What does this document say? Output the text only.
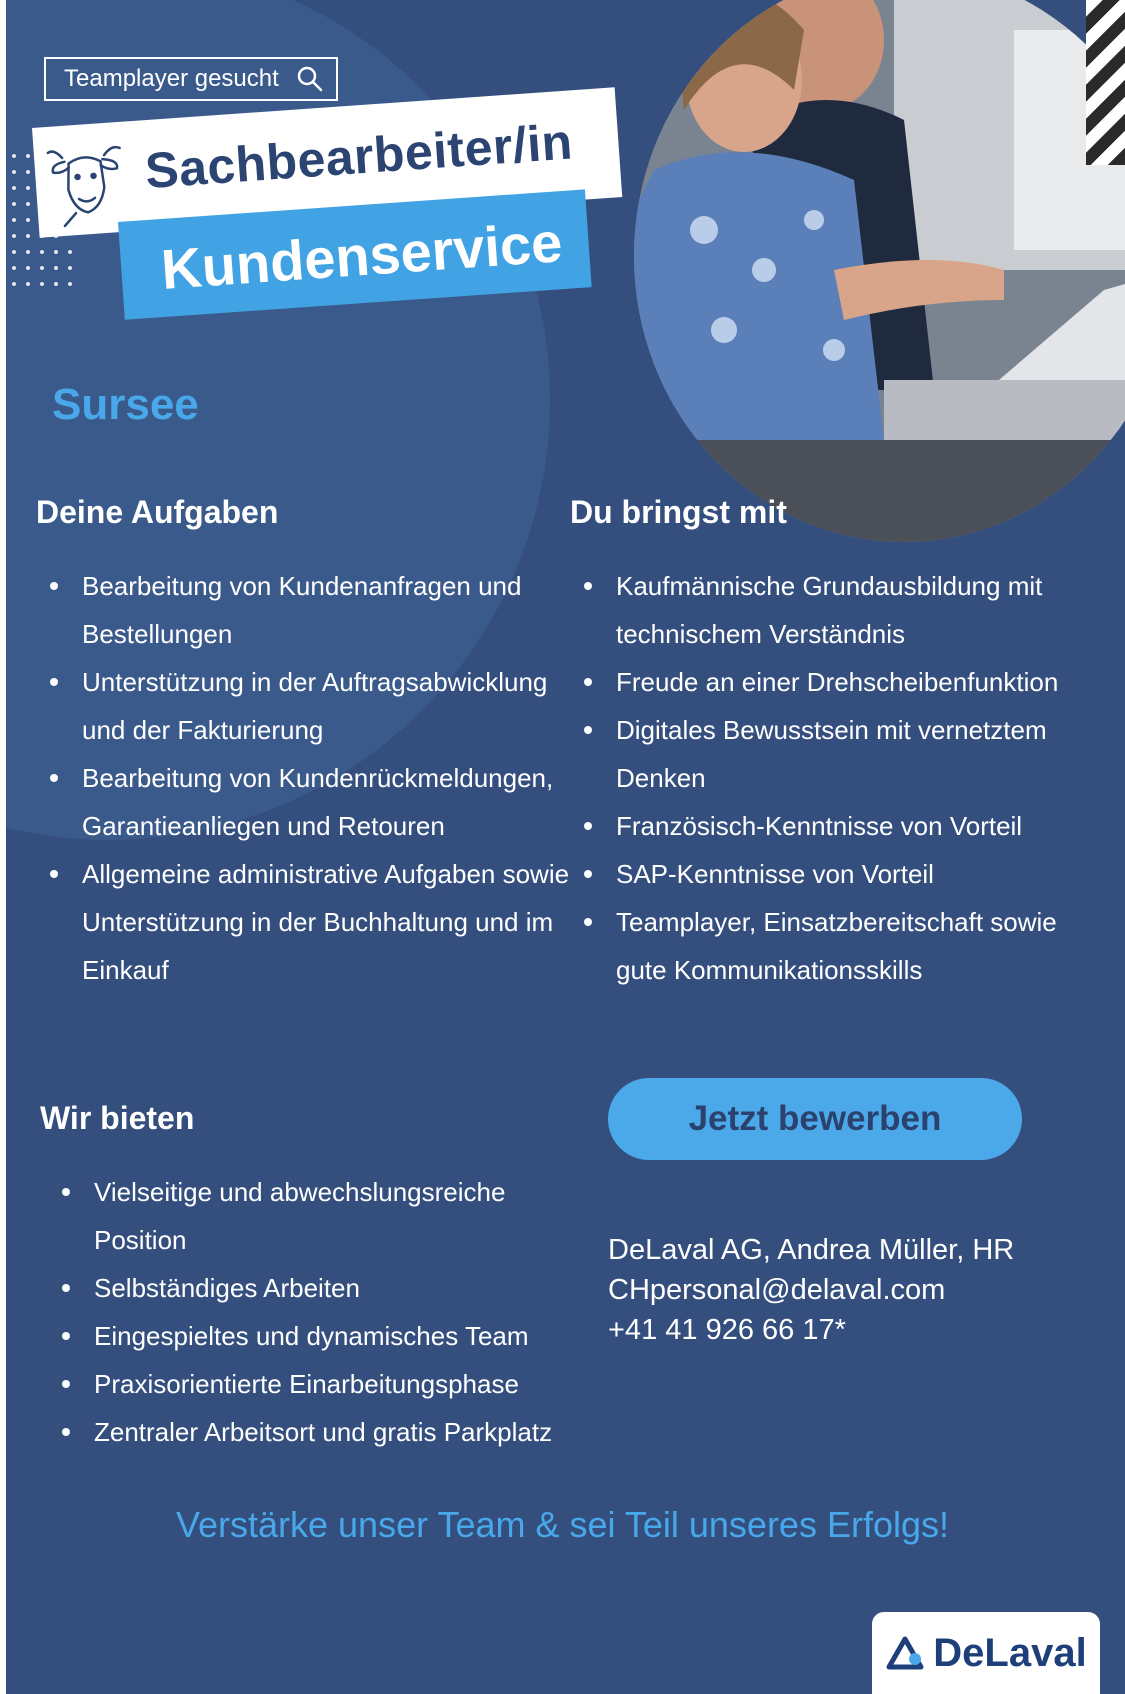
Teamplayer gesucht
Sachbearbeiter/in
Kundenservice
Sursee
Deine Aufgaben
Bearbeitung von Kundenanfragen und Bestellungen
Unterstützung in der Auftragsabwicklung und der Fakturierung
Bearbeitung von Kundenrückmeldungen, Garantieanliegen und Retouren
Allgemeine administrative Aufgaben sowie Unterstützung in der Buchhaltung und im Einkauf
Du bringst mit
Kaufmännische Grundausbildung mit technischem Verständnis
Freude an einer Drehscheibenfunktion
Digitales Bewusstsein mit vernetztem Denken
Französisch-Kenntnisse von Vorteil
SAP-Kenntnisse von Vorteil
Teamplayer, Einsatzbereitschaft sowie gute Kommunikationsskills
Wir bieten
Vielseitige und abwechslungsreiche Position
Selbständiges Arbeiten
Eingespieltes und dynamisches Team
Praxisorientierte Einarbeitungsphase
Zentraler Arbeitsort und gratis Parkplatz
Jetzt bewerben
DeLaval AG, Andrea Müller, HR
CHpersonal@delaval.com
+41 41 926 66 17*
Verstärke unser Team & sei Teil unseres Erfolgs!
DeLaval
